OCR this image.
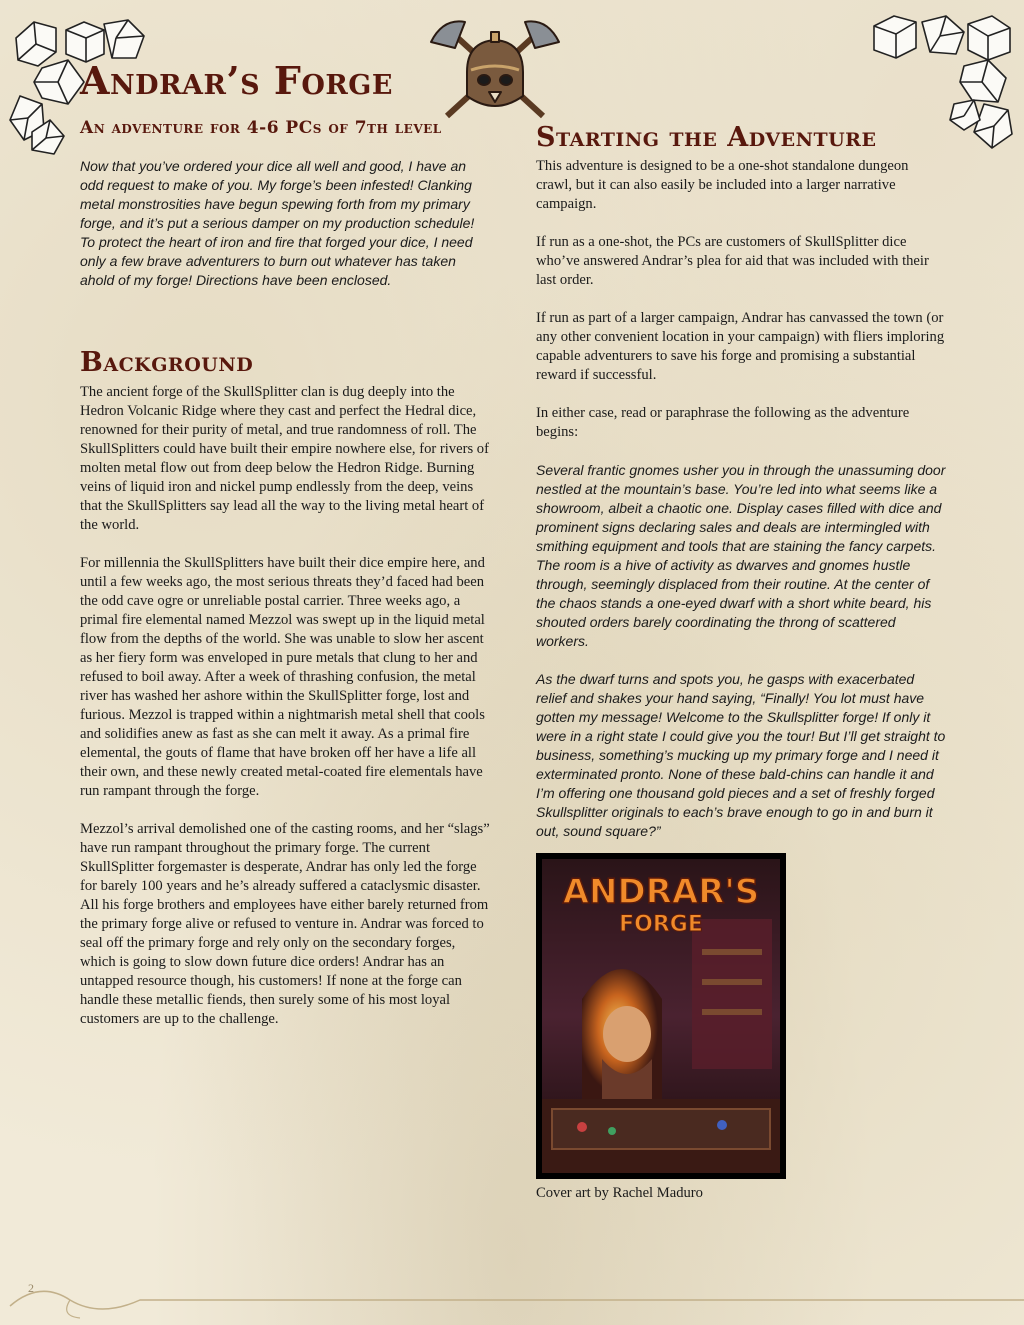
Andrar’s Forge
An adventure for 4-6 PCs of 7th level

Now that you’ve ordered your dice all well and good, I have an odd request to make of you. My forge’s been infested! Clanking metal monstrosities have begun spewing forth from my primary forge, and it’s put a serious damper on my production schedule! To protect the heart of iron and fire that forged your dice, I need only a few brave adventurers to burn out whatever has taken ahold of my forge! Directions have been enclosed.

Background

The ancient forge of the SkullSplitter clan is dug deeply into the Hedron Volcanic Ridge where they cast and perfect the Hedral dice, renowned for their purity of metal, and true randomness of roll. The SkullSplitters could have built their empire nowhere else, for rivers of molten metal flow out from deep below the Hedron Ridge. Burning veins of liquid iron and nickel pump endlessly from the deep, veins that the SkullSplitters say lead all the way to the living metal heart of the world.

For millennia the SkullSplitters have built their dice empire here, and until a few weeks ago, the most serious threats they’d faced had been the odd cave ogre or unreliable postal carrier. Three weeks ago, a primal fire elemental named Mezzol was swept up in the liquid metal flow from the depths of the world. She was unable to slow her ascent as her fiery form was enveloped in pure metals that clung to her and refused to boil away. After a week of thrashing confusion, the metal river has washed her ashore within the SkullSplitter forge, lost and furious. Mezzol is trapped within a nightmarish metal shell that cools and solidifies anew as fast as she can melt it away. As a primal fire elemental, the gouts of flame that have broken off her have a life all their own, and these newly created metal-coated fire elementals have run rampant through the forge.

Mezzol’s arrival demolished one of the casting rooms, and her “slags” have run rampant throughout the primary forge. The current SkullSplitter forgemaster is desperate, Andrar has only led the forge for barely 100 years and he’s already suffered a cataclysmic disaster. All his forge brothers and employees have either barely returned from the primary forge alive or refused to venture in. Andrar was forced to seal off the primary forge and rely only on the secondary forges, which is going to slow down future dice orders! Andrar has an untapped resource though, his customers! If none at the forge can handle these metallic fiends, then surely some of his most loyal customers are up to the challenge.

Starting the Adventure

This adventure is designed to be a one-shot standalone dungeon crawl, but it can also easily be included into a larger narrative campaign.

If run as a one-shot, the PCs are customers of SkullSplitter dice who’ve answered Andrar’s plea for aid that was included with their last order.

If run as part of a larger campaign, Andrar has canvassed the town (or any other convenient location in your campaign) with fliers imploring capable adventurers to save his forge and promising a substantial reward if successful.

In either case, read or paraphrase the following as the adventure begins:

Several frantic gnomes usher you in through the unassuming door nestled at the mountain’s base. You’re led into what seems like a showroom, albeit a chaotic one. Display cases filled with dice and prominent signs declaring sales and deals are intermingled with smithing equipment and tools that are staining the fancy carpets. The room is a hive of activity as dwarves and gnomes hustle through, seemingly displaced from their routine. At the center of the chaos stands a one-eyed dwarf with a short white beard, his shouted orders barely coordinating the throng of scattered workers.

As the dwarf turns and spots you, he gasps with exacerbated relief and shakes your hand saying, “Finally! You lot must have gotten my message! Welcome to the Skullsplitter forge! If only it were in a right state I could give you the tour! But I’ll get straight to business, something’s mucking up my primary forge and I need it exterminated pronto. None of these bald-chins can handle it and I’m offering one thousand gold pieces and a set of freshly forged Skullsplitter originals to each’s brave enough to go in and burn it out, sound square?”

ANDRAR'S
FORGE

Cover art by Rachel Maduro

2
